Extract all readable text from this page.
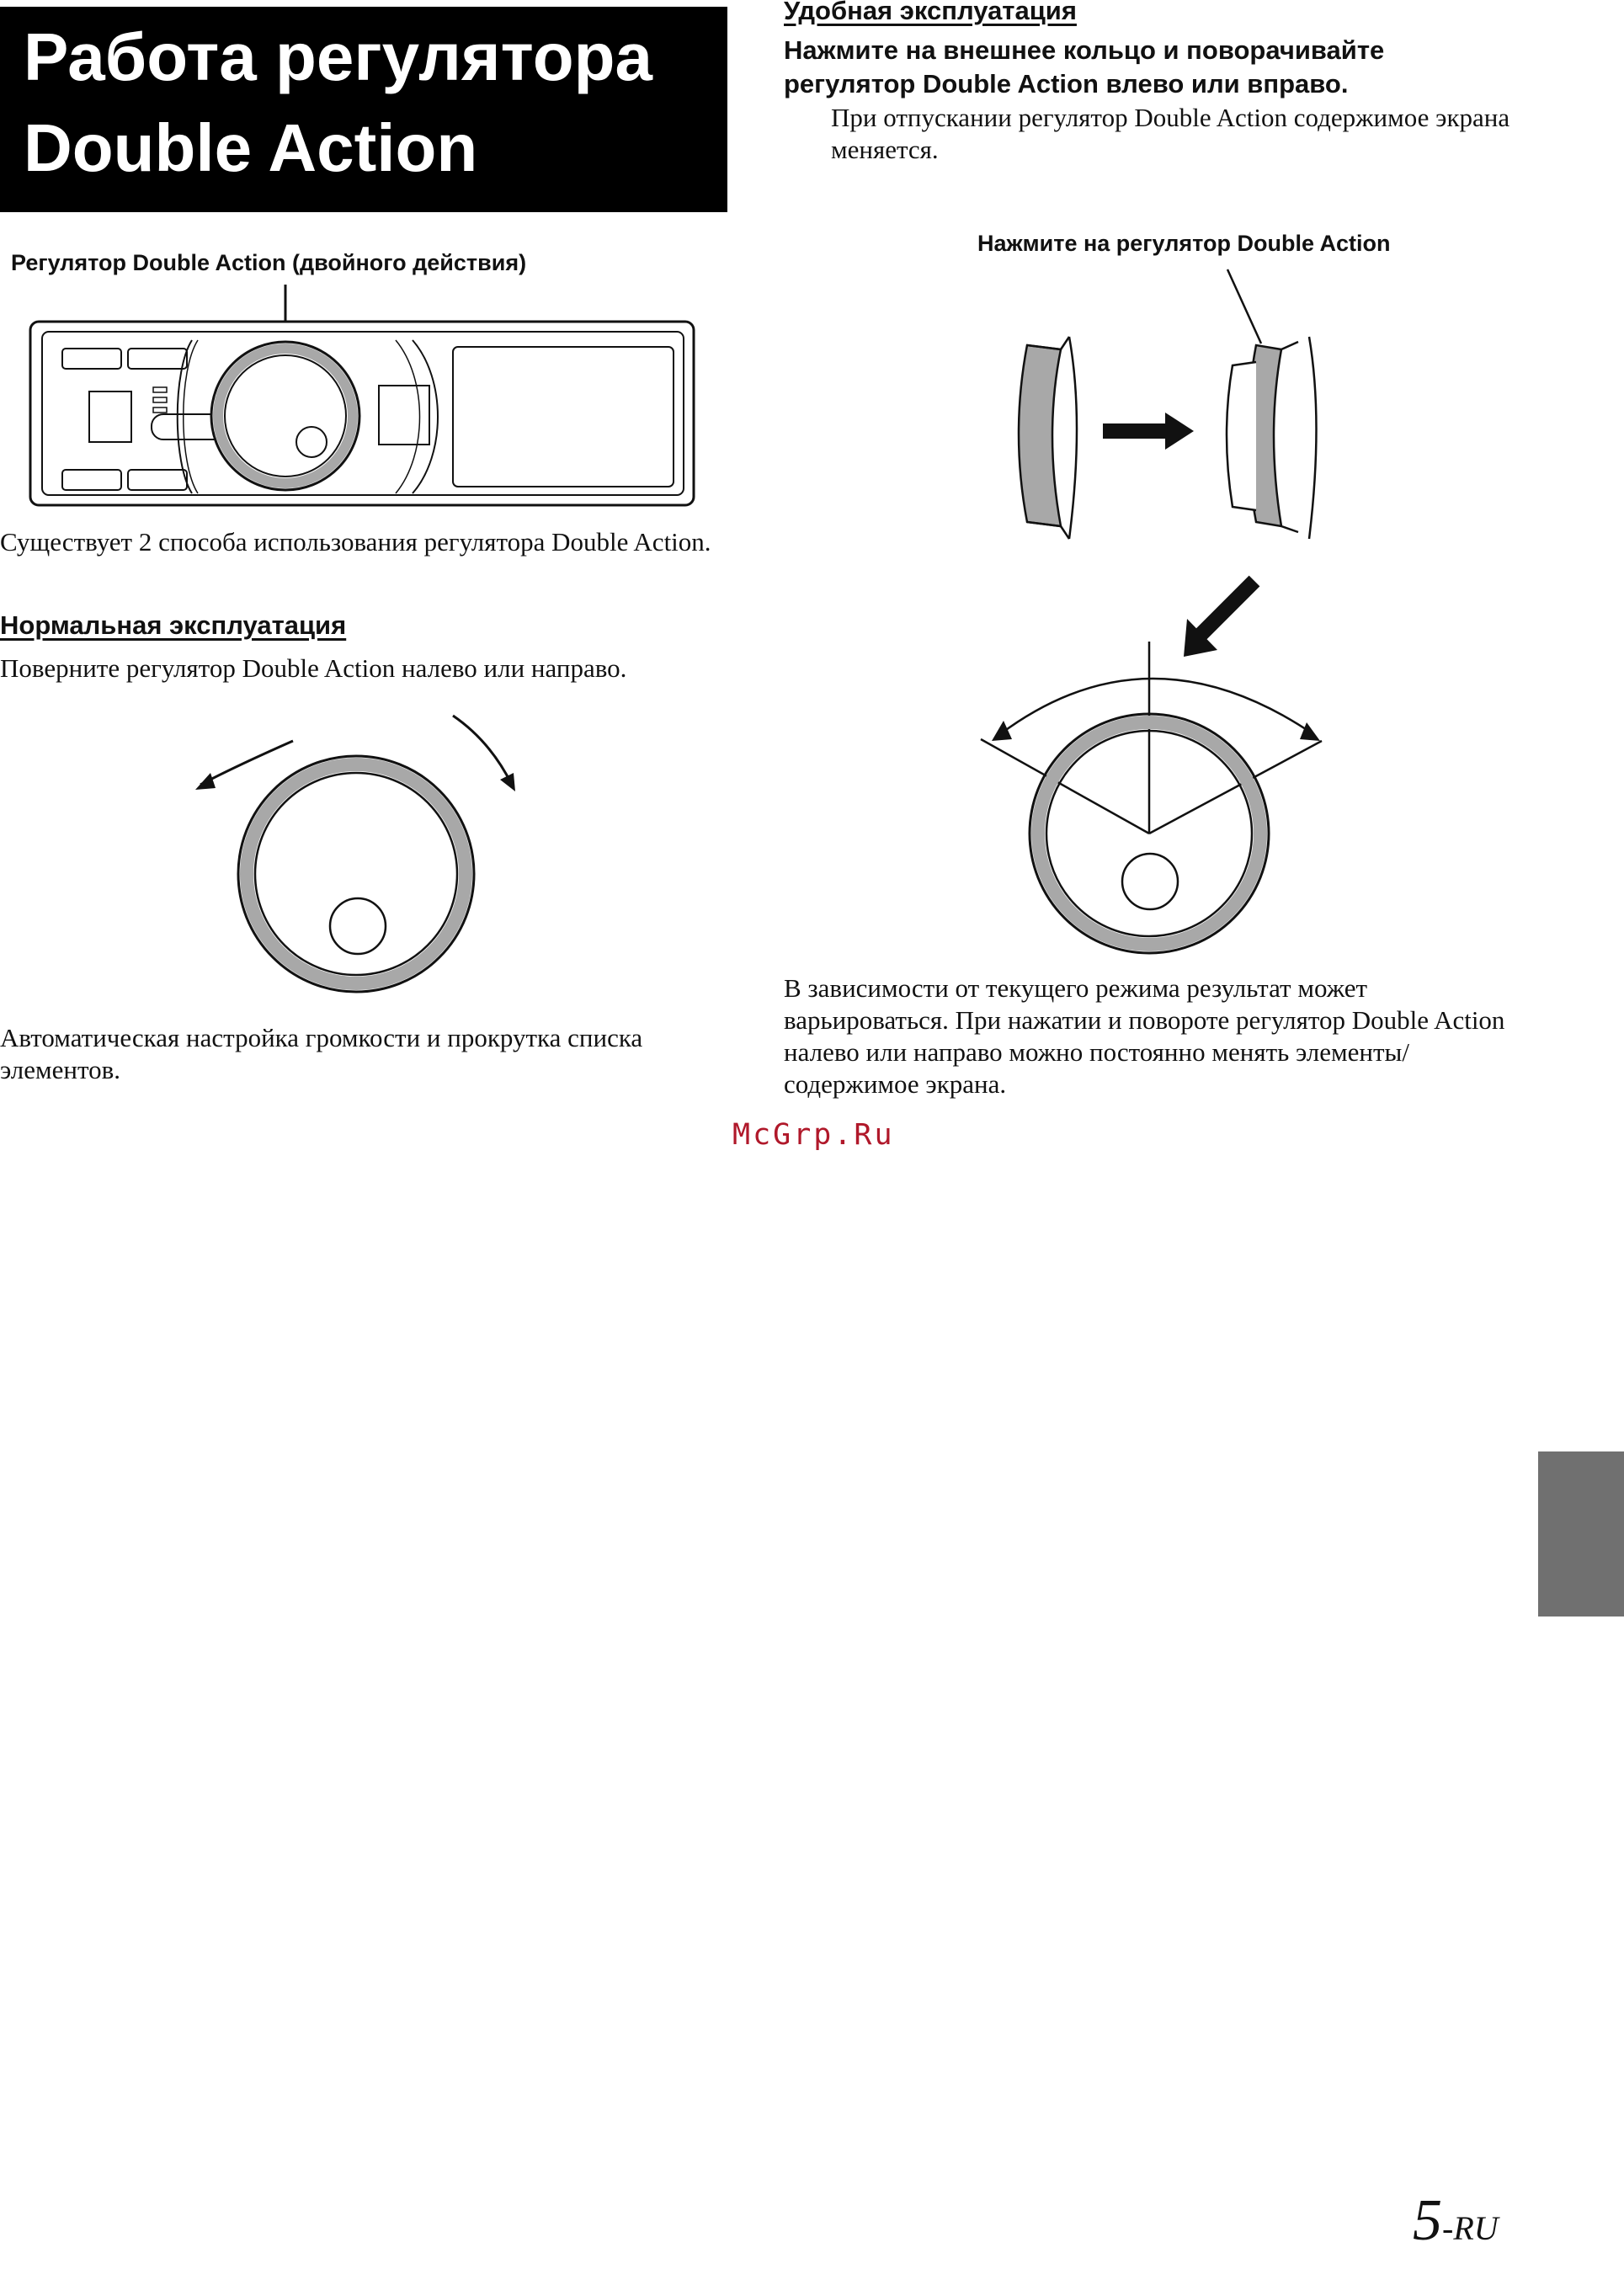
Работа регулятора
Double Action
Регулятор Double Action (двойного действия)
Существует 2 способа использования регулятора Double Action.
Нормальная эксплуатация
Поверните регулятор Double Action налево или направо.
Автоматическая настройка громкости и прокрутка списка элементов.
Удобная эксплуатация
Нажмите на внешнее кольцо и поворачивайте регулятор Double Action влево или вправо.
При отпускании регулятор Double Action содержимое экрана меняется.
Нажмите на регулятор Double Action
В зависимости от текущего режима результат может варьироваться. При нажатии и повороте регулятор Double Action налево или направо можно постоянно менять элементы/содержимое экрана.
McGrp.Ru
5-RU
